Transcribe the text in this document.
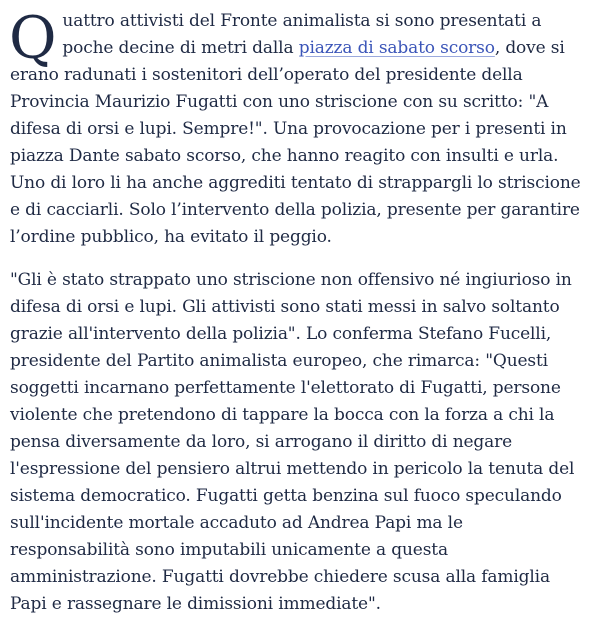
Quattro attivisti del Fronte animalista si sono presentati a poche decine di metri dalla piazza di sabato scorso, dove si erano radunati i sostenitori dell’operato del presidente della Provincia Maurizio Fugatti con uno striscione con su scritto: "A difesa di orsi e lupi. Sempre!". Una provocazione per i presenti in piazza Dante sabato scorso, che hanno reagito con insulti e urla. Uno di loro li ha anche aggrediti tentato di strappargli lo striscione e di cacciarli. Solo l’intervento della polizia, presente per garantire l’ordine pubblico, ha evitato il peggio.

"Gli è stato strappato uno striscione non offensivo né ingiurioso in difesa di orsi e lupi. Gli attivisti sono stati messi in salvo soltanto grazie all'intervento della polizia". Lo conferma Stefano Fucelli, presidente del Partito animalista europeo, che rimarca: "Questi soggetti incarnano perfettamente l'elettorato di Fugatti, persone violente che pretendono di tappare la bocca con la forza a chi la pensa diversamente da loro, si arrogano il diritto di negare l'espressione del pensiero altrui mettendo in pericolo la tenuta del sistema democratico. Fugatti getta benzina sul fuoco speculando sull'incidente mortale accaduto ad Andrea Papi ma le responsabilità sono imputabili unicamente a questa amministrazione. Fugatti dovrebbe chiedere scusa alla famiglia Papi e rassegnare le dimissioni immediate".
